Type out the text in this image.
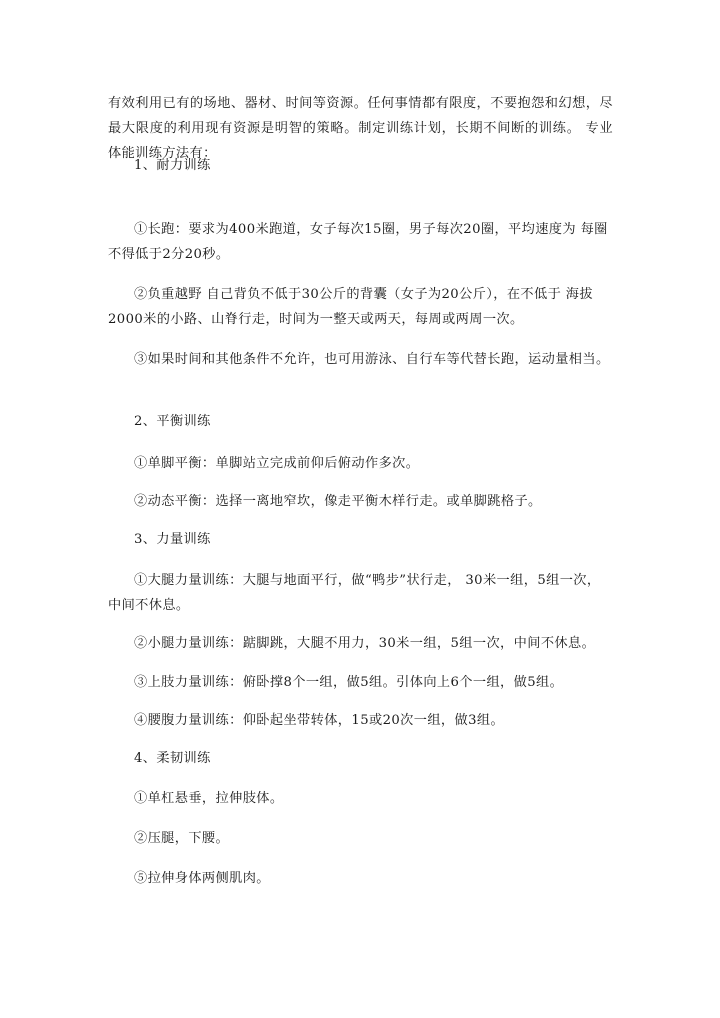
有效利用已有的场地、器材、时间等资源。任何事情都有限度，不要抱怨和幻想，尽最大限度的利用现有资源是明智的策略。制定训练计划，长期不间断的训练。 专业体能训练方法有：

1、耐力训练

①长跑：要求为400米跑道，女子每次15圈，男子每次20圈，平均速度为 每圈不得低于2分20秒。

②负重越野 自己背负不低于30公斤的背囊（女子为20公斤），在不低于 海拔2000米的小路、山脊行走，时间为一整天或两天，每周或两周一次。

③如果时间和其他条件不允许，也可用游泳、自行车等代替长跑，运动量相当。

2、平衡训练

①单脚平衡：单脚站立完成前仰后俯动作多次。

②动态平衡：选择一离地窄坎，像走平衡木样行走。或单脚跳格子。

3、力量训练

①大腿力量训练：大腿与地面平行，做“鸭步”状行走， 30米一组，5组一次，中间不休息。

②小腿力量训练：踮脚跳，大腿不用力，30米一组，5组一次，中间不休息。

③上肢力量训练：俯卧撑8个一组，做5组。引体向上6个一组，做5组。

④腰腹力量训练：仰卧起坐带转体，15或20次一组，做3组。

4、柔韧训练

①单杠悬垂，拉伸肢体。

②压腿，下腰。

⑤拉伸身体两侧肌肉。
